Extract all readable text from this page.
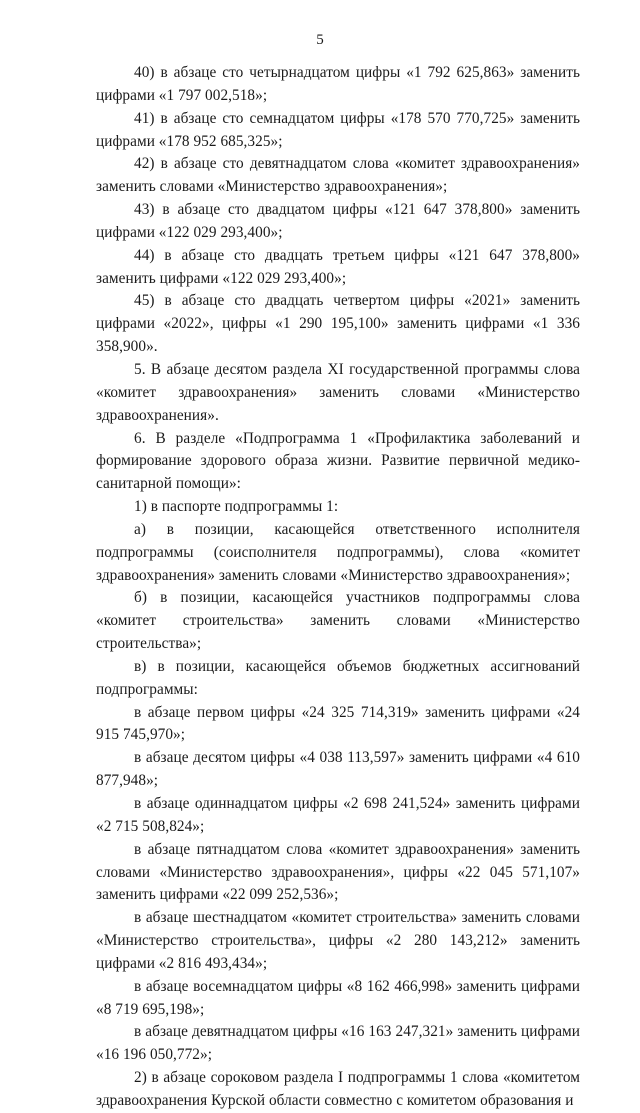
5

40) в абзаце сто четырнадцатом цифры «1 792 625,863» заменить цифрами «1 797 002,518»;

41) в абзаце сто семнадцатом цифры «178 570 770,725» заменить цифрами «178 952 685,325»;

42) в абзаце сто девятнадцатом слова «комитет здравоохранения» заменить словами «Министерство здравоохранения»;

43) в абзаце сто двадцатом цифры «121 647 378,800» заменить цифрами «122 029 293,400»;

44) в абзаце сто двадцать третьем цифры «121 647 378,800» заменить цифрами «122 029 293,400»;

45) в абзаце сто двадцать четвертом цифры «2021» заменить цифрами «2022», цифры «1 290 195,100» заменить цифрами «1 336 358,900».

5. В абзаце десятом раздела XI государственной программы слова «комитет здравоохранения» заменить словами «Министерство здравоохранения».

6. В разделе «Подпрограмма 1 «Профилактика заболеваний и формирование здорового образа жизни. Развитие первичной медико-санитарной помощи»:

1) в паспорте подпрограммы 1:

а) в позиции, касающейся ответственного исполнителя подпрограммы (соисполнителя подпрограммы), слова «комитет здравоохранения» заменить словами «Министерство здравоохранения»;

б) в позиции, касающейся участников подпрограммы слова «комитет строительства» заменить словами «Министерство строительства»;

в) в позиции, касающейся объемов бюджетных ассигнований подпрограммы:

в абзаце первом цифры «24 325 714,319» заменить цифрами «24 915 745,970»;

в абзаце десятом цифры «4 038 113,597» заменить цифрами «4 610 877,948»;

в абзаце одиннадцатом цифры «2 698 241,524» заменить цифрами «2 715 508,824»;

в абзаце пятнадцатом слова «комитет здравоохранения» заменить словами «Министерство здравоохранения», цифры «22 045 571,107» заменить цифрами «22 099 252,536»;

в абзаце шестнадцатом «комитет строительства» заменить словами «Министерство строительства», цифры «2 280 143,212» заменить цифрами «2 816 493,434»;

в абзаце восемнадцатом цифры «8 162 466,998» заменить цифрами «8 719 695,198»;

в абзаце девятнадцатом цифры «16 163 247,321» заменить цифрами «16 196 050,772»;

2) в абзаце сороковом раздела I подпрограммы 1 слова «комитетом здравоохранения Курской области совместно с комитетом образования и
